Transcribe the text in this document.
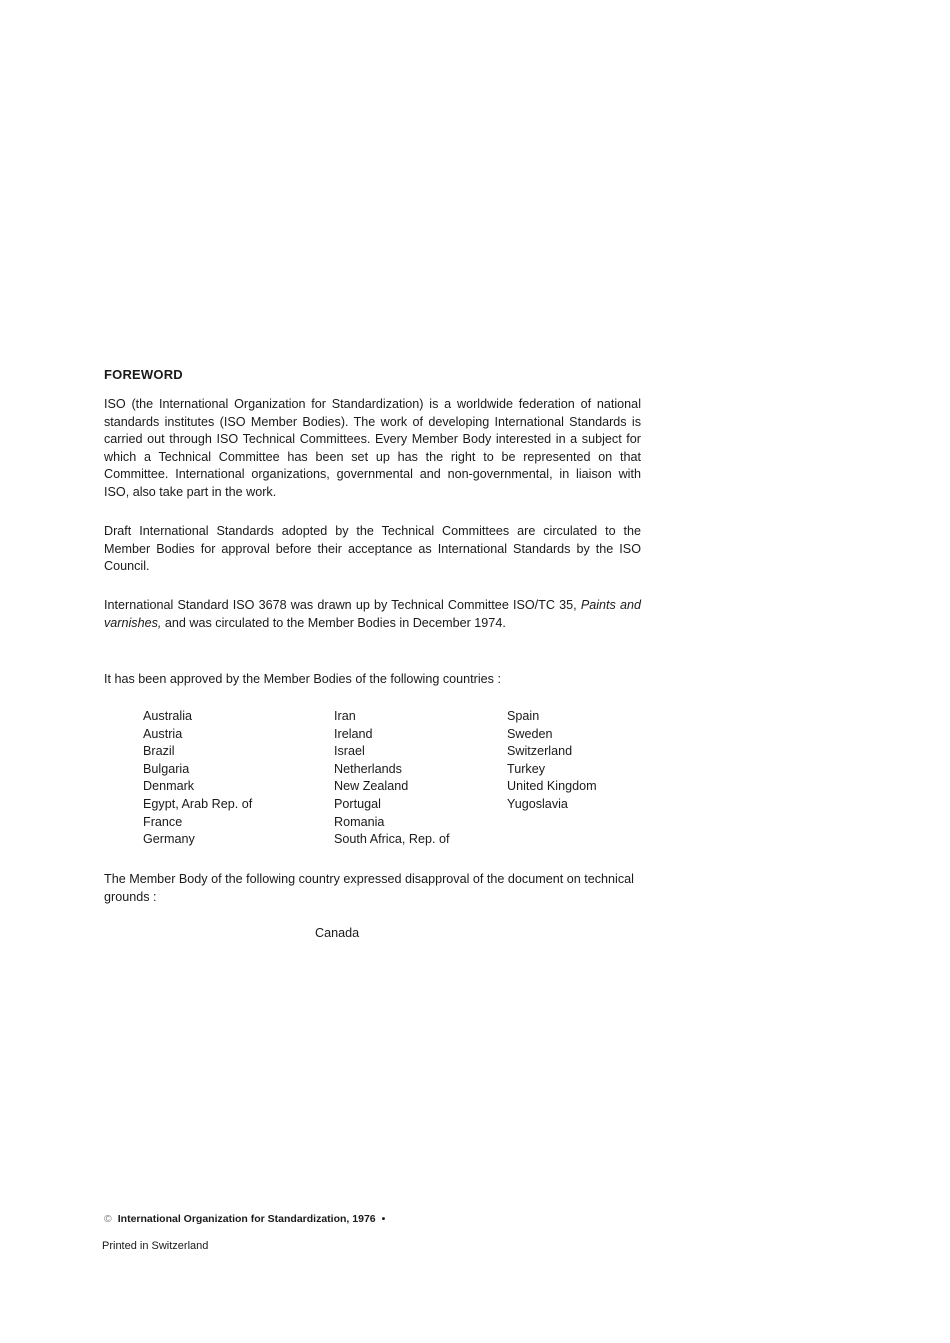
FOREWORD

ISO (the International Organization for Standardization) is a worldwide federation of national standards institutes (ISO Member Bodies). The work of developing International Standards is carried out through ISO Technical Committees. Every Member Body interested in a subject for which a Technical Committee has been set up has the right to be represented on that Committee. International organizations, governmental and non-governmental, in liaison with ISO, also take part in the work.

Draft International Standards adopted by the Technical Committees are circulated to the Member Bodies for approval before their acceptance as International Standards by the ISO Council.

International Standard ISO 3678 was drawn up by Technical Committee ISO/TC 35, Paints and varnishes, and was circulated to the Member Bodies in December 1974.

It has been approved by the Member Bodies of the following countries :

Australia
Austria
Brazil
Bulgaria
Denmark
Egypt, Arab Rep. of
France
Germany
Iran
Ireland
Israel
Netherlands
New Zealand
Portugal
Romania
South Africa, Rep. of
Spain
Sweden
Switzerland
Turkey
United Kingdom
Yugoslavia

The Member Body of the following country expressed disapproval of the document on technical grounds :

Canada

© International Organization for Standardization, 1976 •

Printed in Switzerland
